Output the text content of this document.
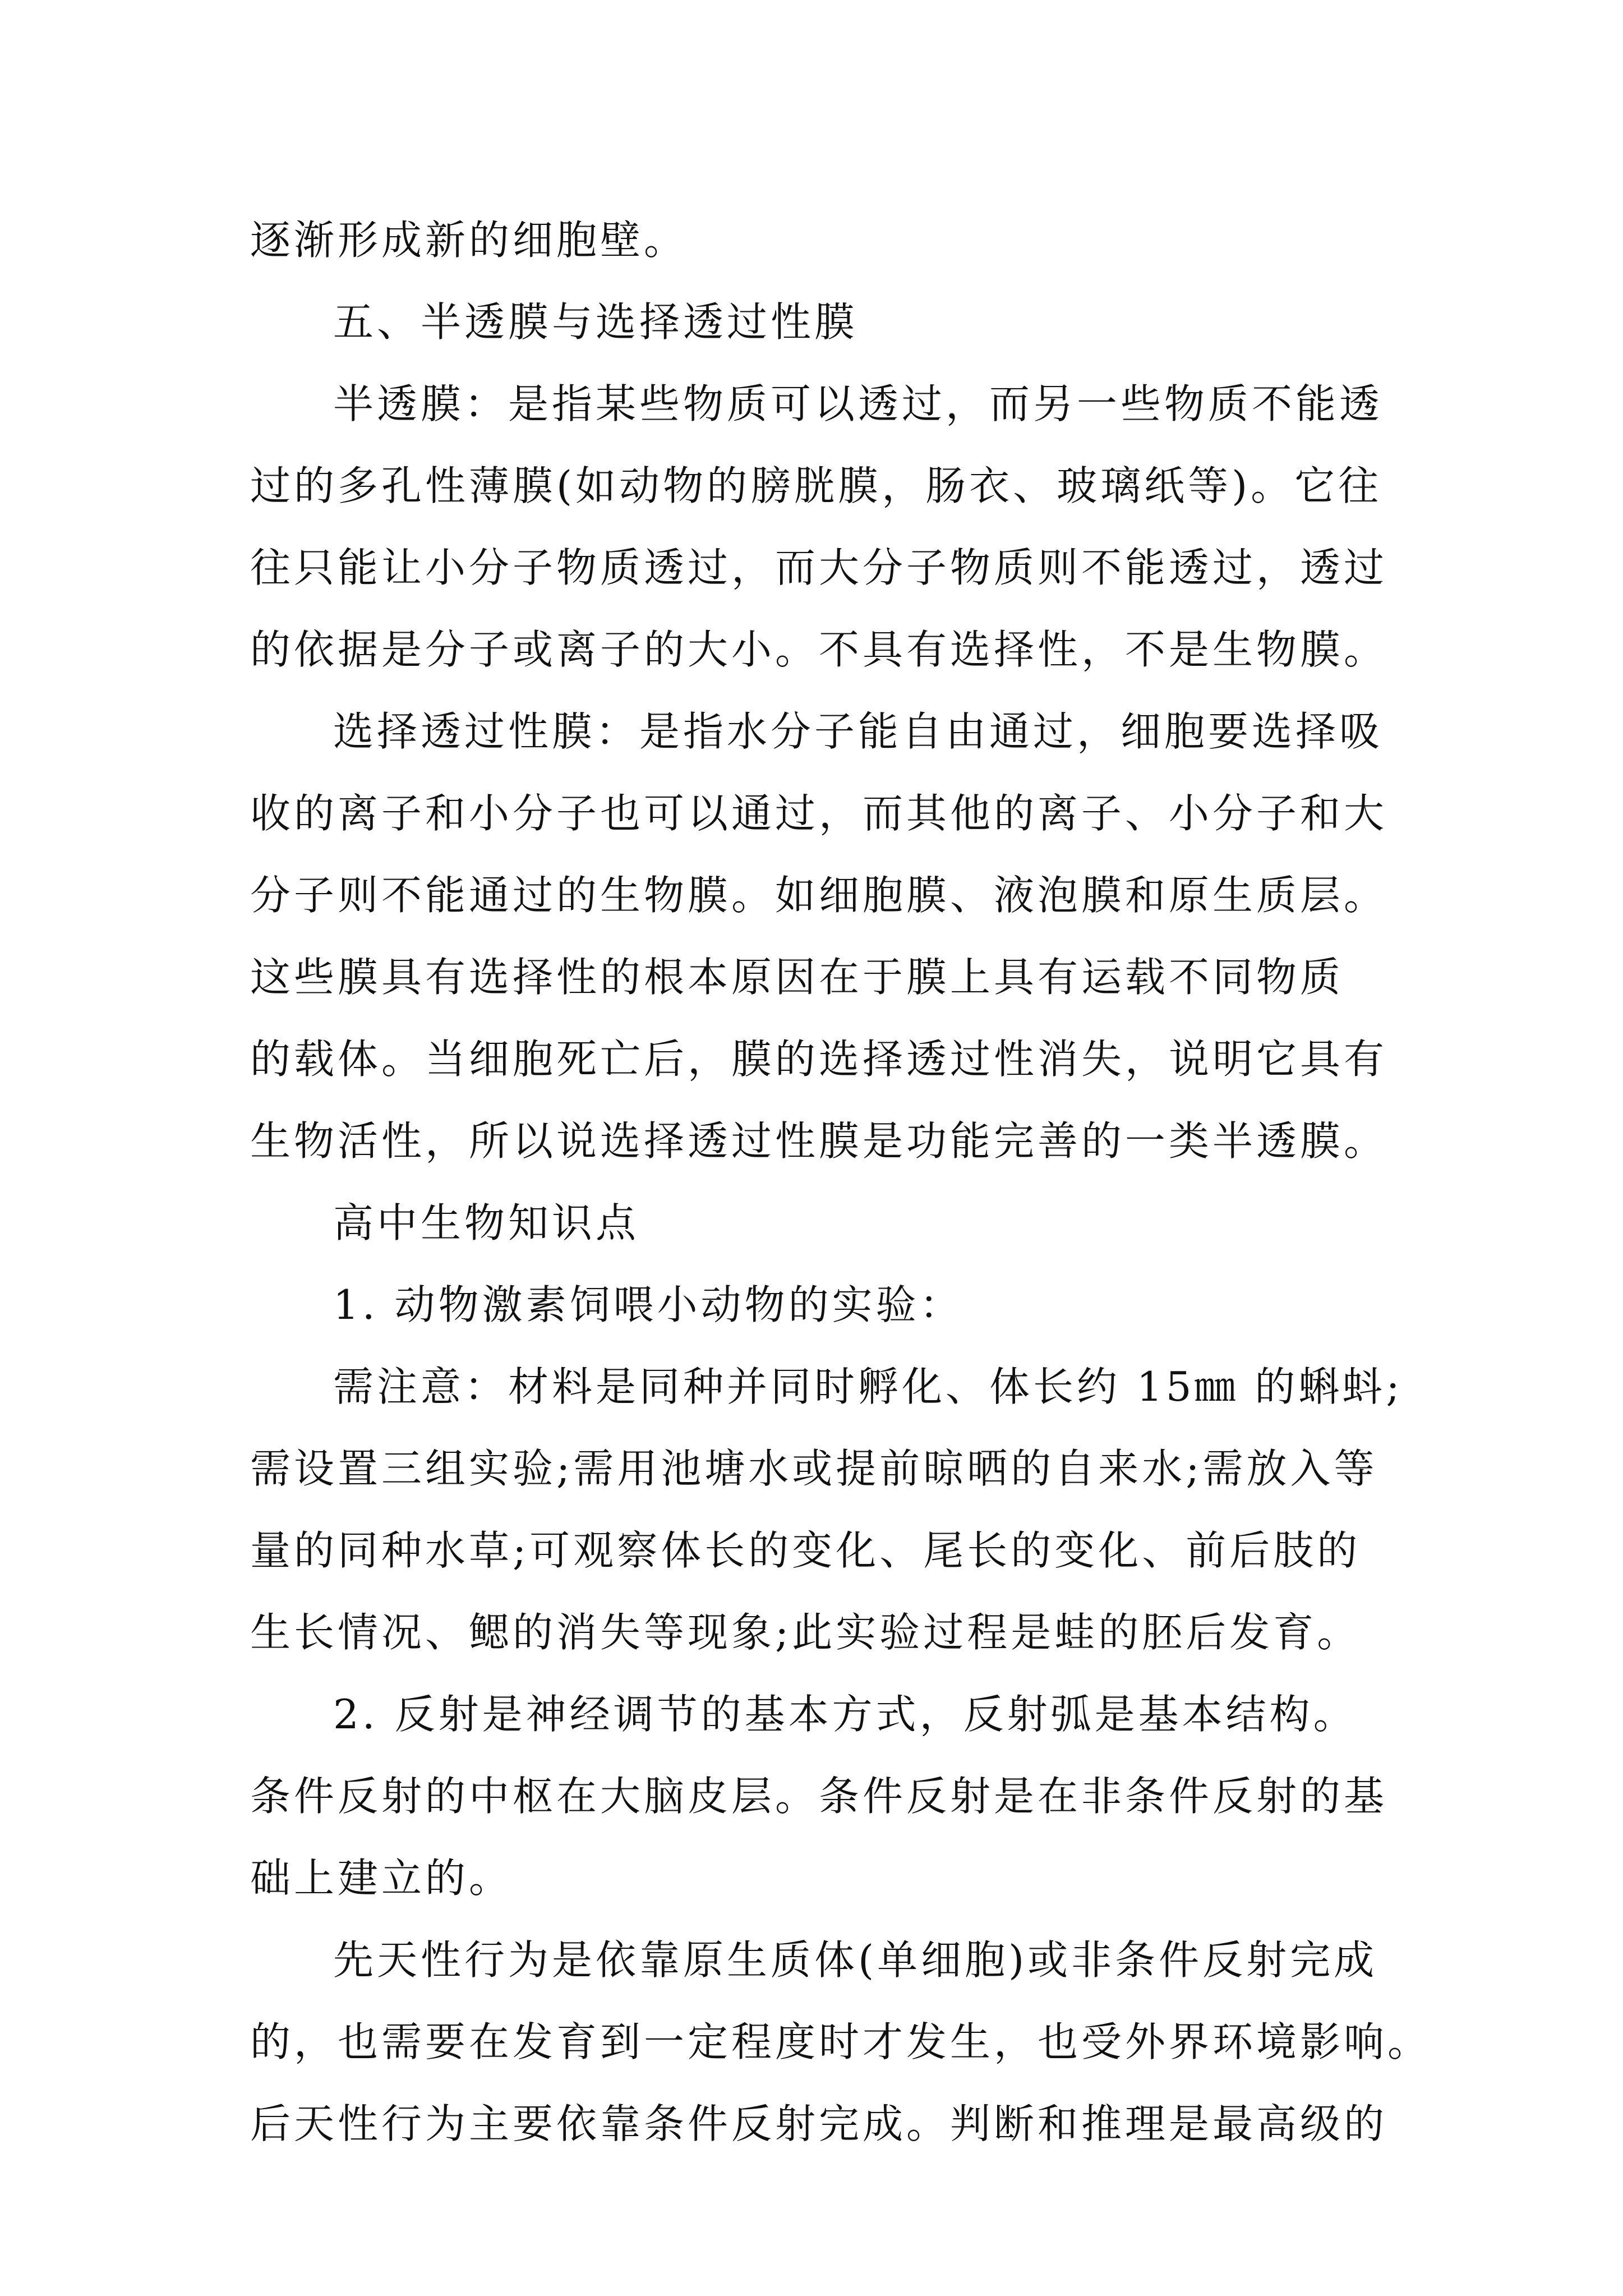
逐渐形成新的细胞壁。
五、半透膜与选择透过性膜
半透膜：是指某些物质可以透过，而另一些物质不能透
过的多孔性薄膜(如动物的膀胱膜，肠衣、玻璃纸等)。它往
往只能让小分子物质透过，而大分子物质则不能透过，透过
的依据是分子或离子的大小。不具有选择性，不是生物膜。
选择透过性膜：是指水分子能自由通过，细胞要选择吸
收的离子和小分子也可以通过，而其他的离子、小分子和大
分子则不能通过的生物膜。如细胞膜、液泡膜和原生质层。
这些膜具有选择性的根本原因在于膜上具有运载不同物质
的载体。当细胞死亡后，膜的选择透过性消失，说明它具有
生物活性，所以说选择透过性膜是功能完善的一类半透膜。
高中生物知识点
1. 动物激素饲喂小动物的实验：
需注意：材料是同种并同时孵化、体长约 15㎜ 的蝌蚪;
需设置三组实验;需用池塘水或提前晾晒的自来水;需放入等
量的同种水草;可观察体长的变化、尾长的变化、前后肢的
生长情况、鳃的消失等现象;此实验过程是蛙的胚后发育。
2. 反射是神经调节的基本方式，反射弧是基本结构。
条件反射的中枢在大脑皮层。条件反射是在非条件反射的基
础上建立的。
先天性行为是依靠原生质体(单细胞)或非条件反射完成
的，也需要在发育到一定程度时才发生，也受外界环境影响。
后天性行为主要依靠条件反射完成。判断和推理是最高级的
